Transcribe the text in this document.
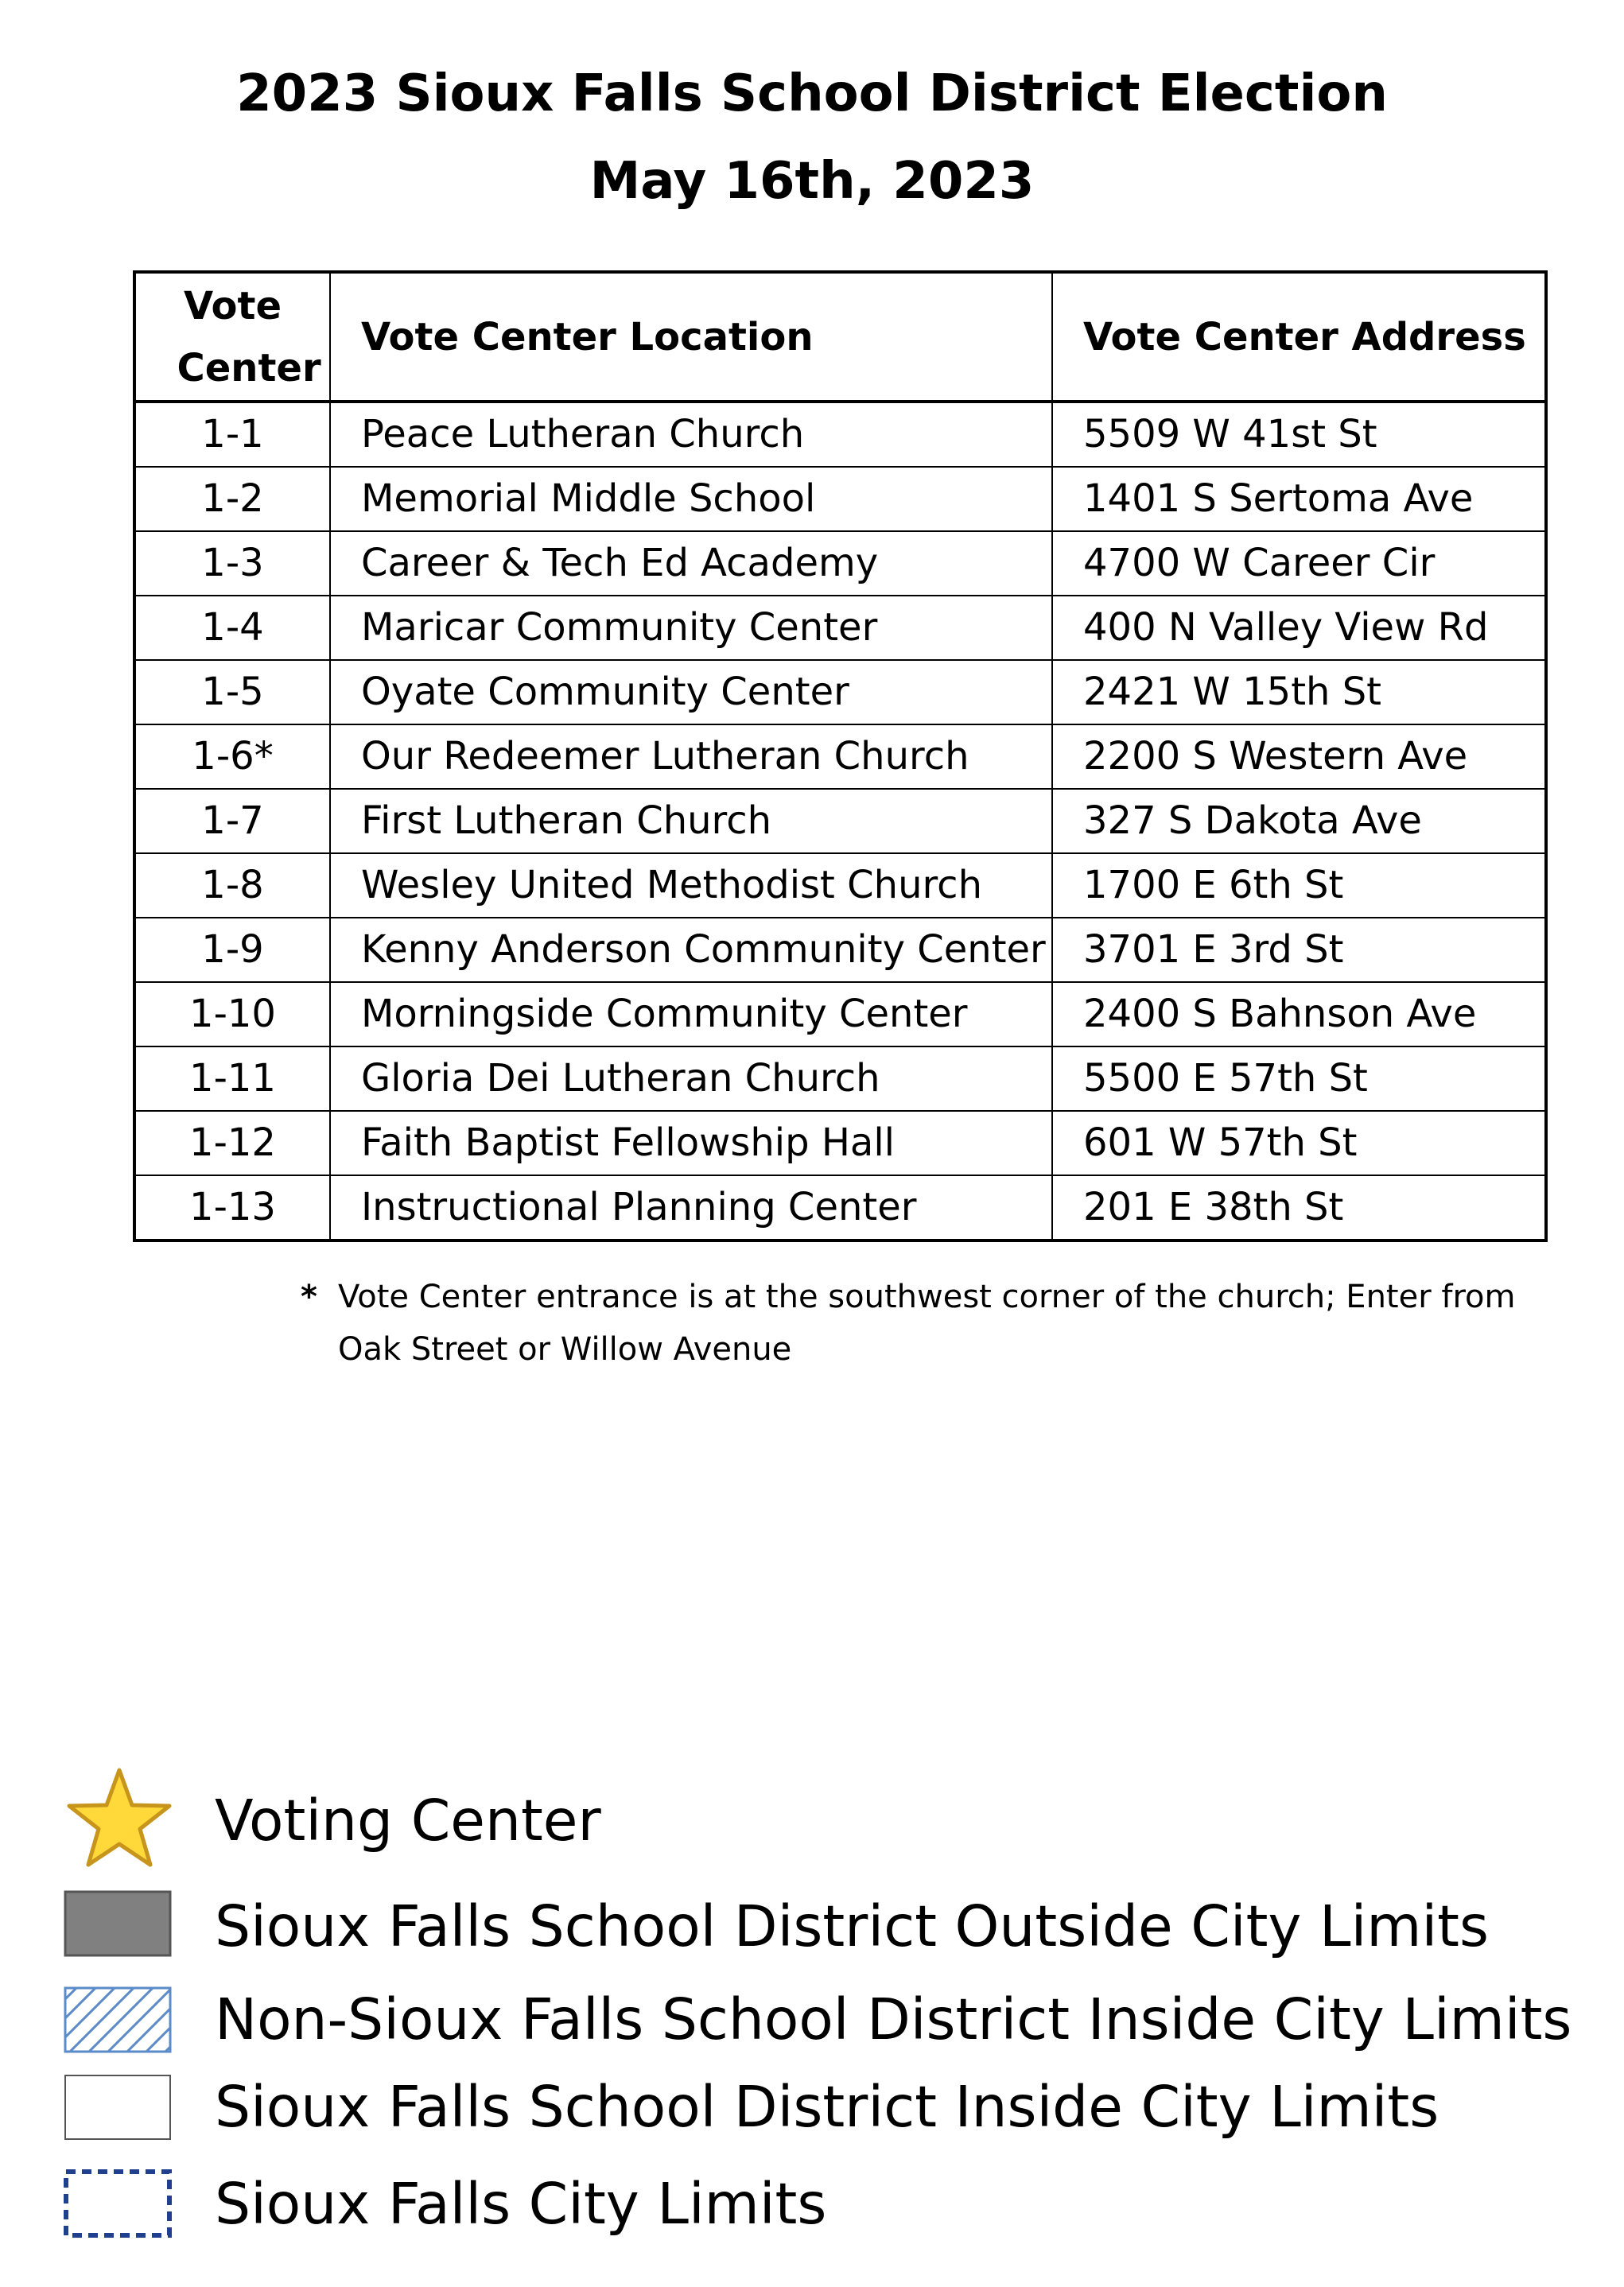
2023 Sioux Falls School District Election
May 16th, 2023
Vote Center	Vote Center Location	Vote Center Address
1-1	Peace Lutheran Church	5509 W 41st St
1-2	Memorial Middle School	1401 S Sertoma Ave
1-3	Career & Tech Ed Academy	4700 W Career Cir
1-4	Maricar Community Center	400 N Valley View Rd
1-5	Oyate Community Center	2421 W 15th St
1-6*	Our Redeemer Lutheran Church	2200 S Western Ave
1-7	First Lutheran Church	327 S Dakota Ave
1-8	Wesley United Methodist Church	1700 E 6th St
1-9	Kenny Anderson Community Center	3701 E 3rd St
1-10	Morningside Community Center	2400 S Bahnson Ave
1-11	Gloria Dei Lutheran Church	5500 E 57th St
1-12	Faith Baptist Fellowship Hall	601 W 57th St
1-13	Instructional Planning Center	201 E 38th St
* Vote Center entrance is at the southwest corner of the church; Enter from
Oak Street or Willow Avenue
Voting Center
Sioux Falls School District Outside City Limits
Non-Sioux Falls School District Inside City Limits
Sioux Falls School District Inside City Limits
Sioux Falls City Limits
